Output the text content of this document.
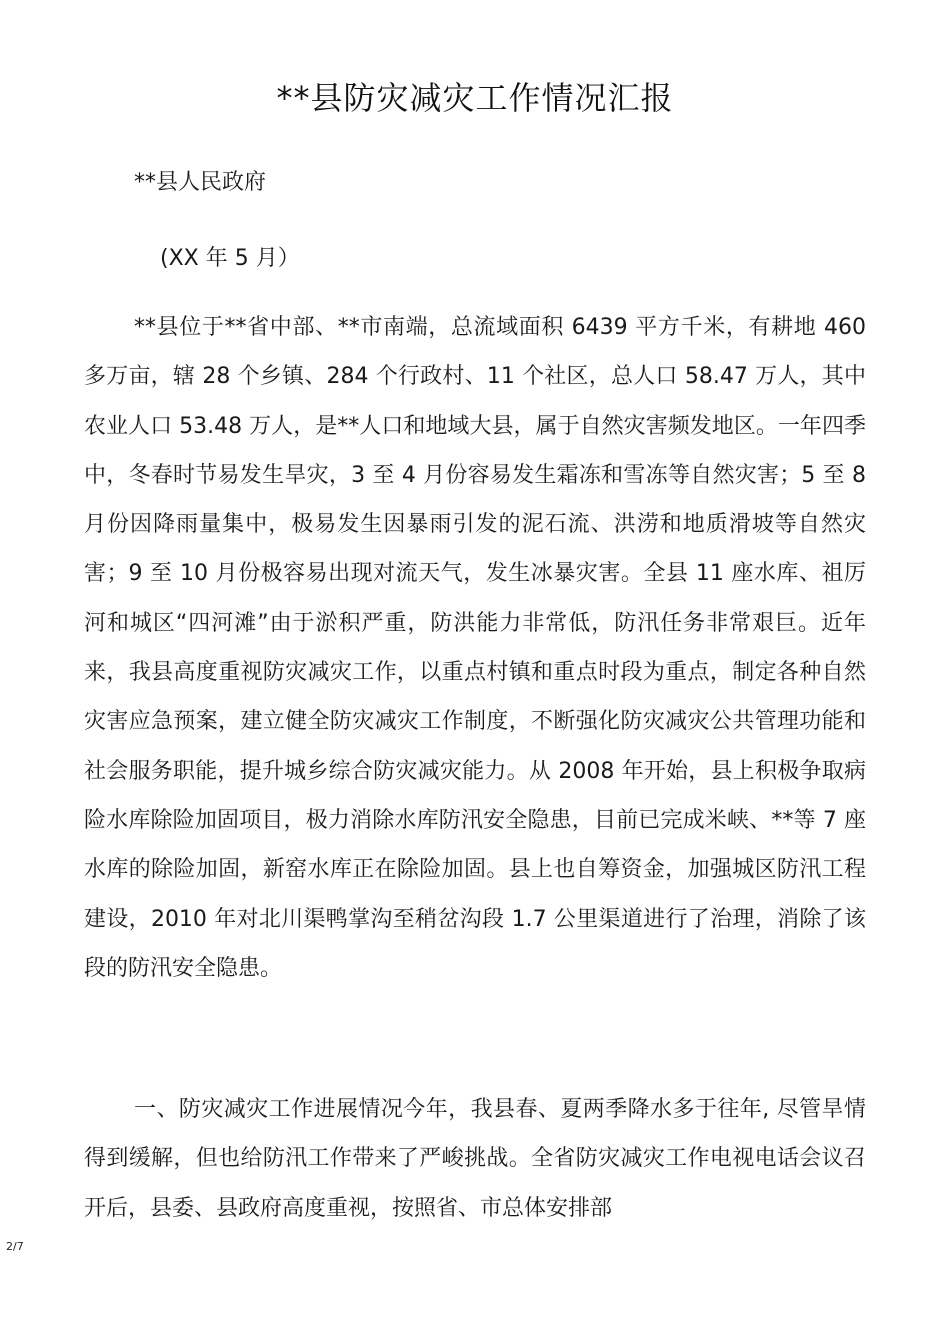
**县防灾减灾工作情况汇报
**县人民政府
(XX 年 5 月）

**县位于**省中部、**市南端，总流域面积 6439 平方千米，有耕地 460 多万亩，辖 28 个乡镇、284 个行政村、11 个社区，总人口 58.47 万人，其中农业人口 53.48 万人，是**人口和地域大县，属于自然灾害频发地区。一年四季中，冬春时节易发生旱灾，3 至 4 月份容易发生霜冻和雪冻等自然灾害；5 至 8 月份因降雨量集中，极易发生因暴雨引发的泥石流、洪涝和地质滑坡等自然灾害；9 至 10 月份极容易出现对流天气，发生冰暴灾害。全县 11 座水库、祖厉河和城区“四河滩”由于淤积严重，防洪能力非常低，防汛任务非常艰巨。近年来，我县高度重视防灾减灾工作，以重点村镇和重点时段为重点，制定各种自然灾害应急预案，建立健全防灾减灾工作制度，不断强化防灾减灾公共管理功能和社会服务职能，提升城乡综合防灾减灾能力。从 2008 年开始，县上积极争取病险水库除险加固项目，极力消除水库防汛安全隐患，目前已完成米峡、**等 7 座水库的除险加固，新窑水库正在除险加固。县上也自筹资金，加强城区防汛工程建设，2010 年对北川渠鸭掌沟至稍岔沟段 1.7 公里渠道进行了治理，消除了该段的防汛安全隐患。

一、防灾减灾工作进展情况今年，我县春、夏两季降水多于往年, 尽管旱情得到缓解，但也给防汛工作带来了严峻挑战。全省防灾减灾工作电视电话会议召开后，县委、县政府高度重视，按照省、市总体安排部

2/7
